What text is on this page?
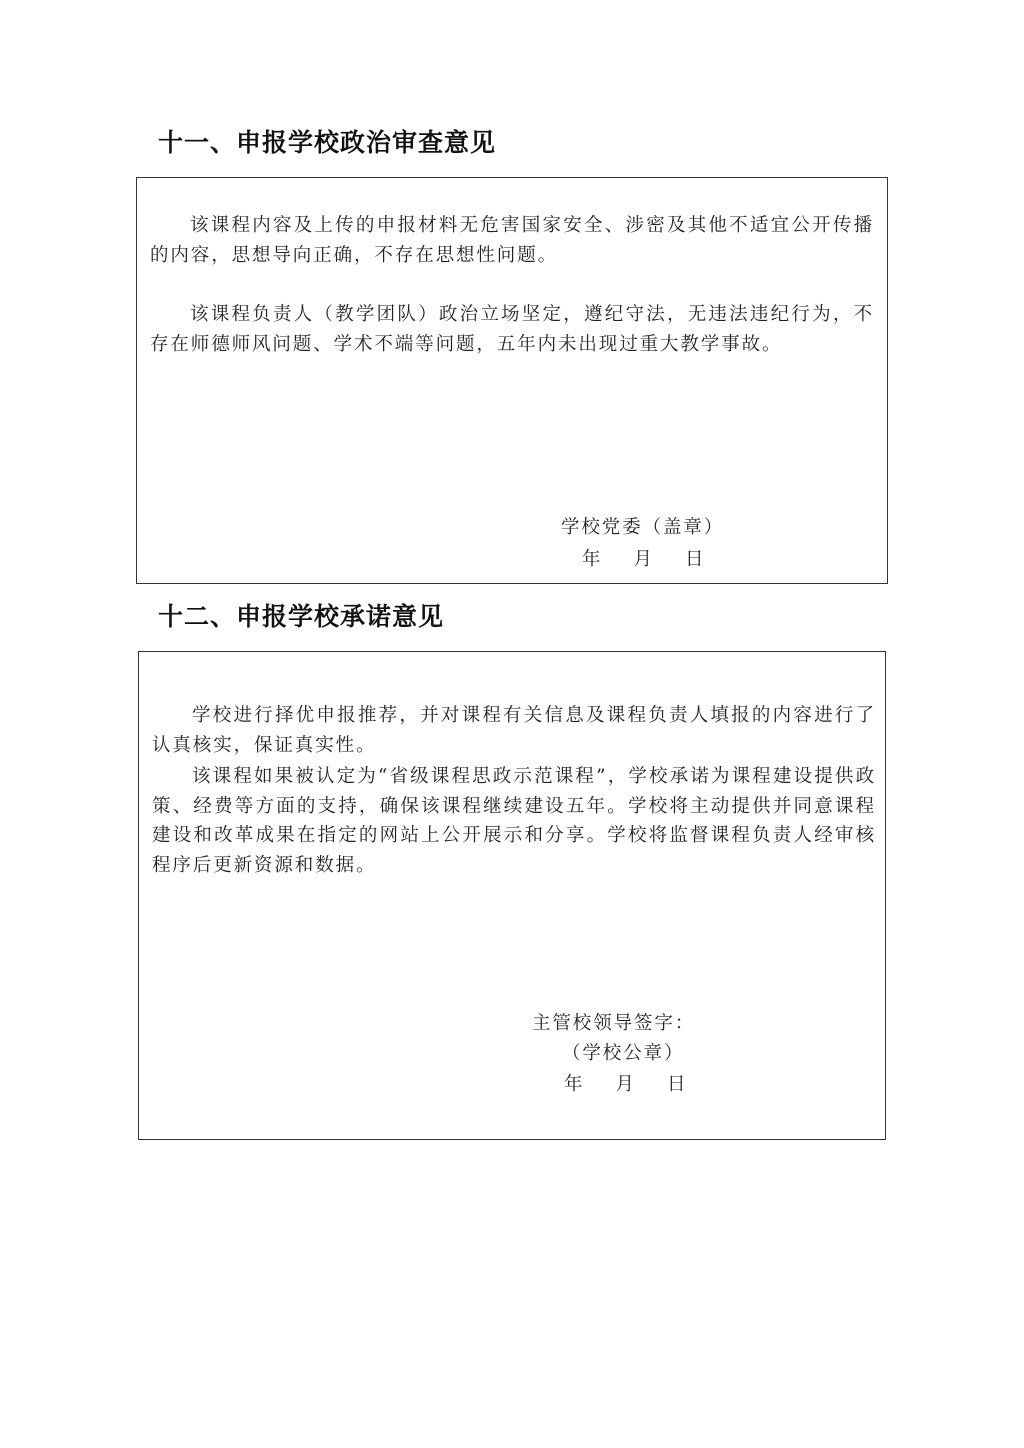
十一、申报学校政治审查意见

该课程内容及上传的申报材料无危害国家安全、涉密及其他不适宜公开传播的内容，思想导向正确，不存在思想性问题。

该课程负责人（教学团队）政治立场坚定，遵纪守法，无违法违纪行为，不存在师德师风问题、学术不端等问题，五年内未出现过重大教学事故。

学校党委（盖章）

年    月    日

十二、申报学校承诺意见

学校进行择优申报推荐，并对课程有关信息及课程负责人填报的内容进行了认真核实，保证真实性。

该课程如果被认定为“省级课程思政示范课程”，学校承诺为课程建设提供政策、经费等方面的支持，确保该课程继续建设五年。学校将主动提供并同意课程建设和改革成果在指定的网站上公开展示和分享。学校将监督课程负责人经审核程序后更新资源和数据。

主管校领导签字：

（学校公章）

年    月    日
